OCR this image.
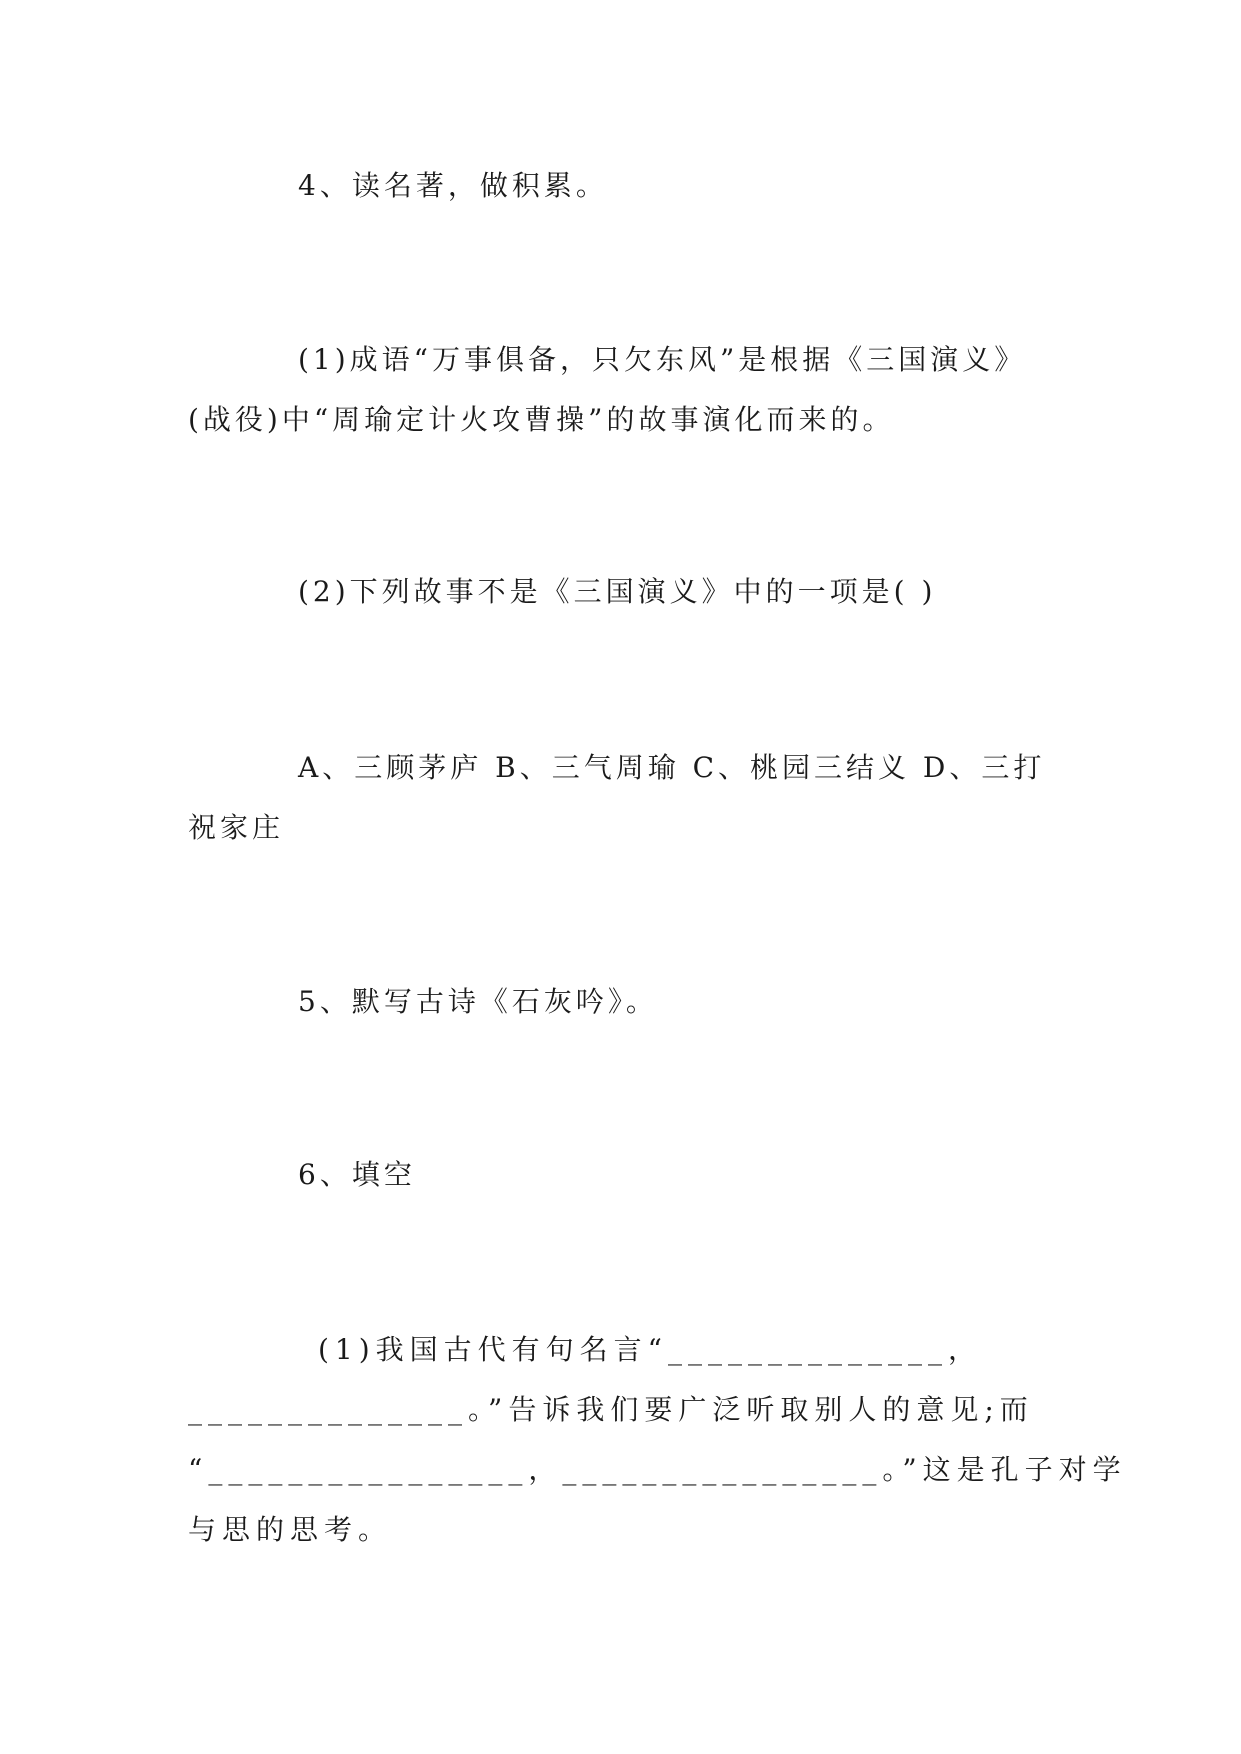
4、读名著，做积累。
(1)成语“万事俱备，只欠东风”是根据《三国演义》(战役)中“周瑜定计火攻曹操”的故事演化而来的。
(2)下列故事不是《三国演义》中的一项是( )
A、三顾茅庐 B、三气周瑜 C、桃园三结义 D、三打祝家庄
5、默写古诗《石灰吟》。
6、填空
(1)我国古代有句名言“______________，
______________。”告诉我们要广泛听取别人的意见;而
“________________，________________。”这是孔子对学
与思的思考。
